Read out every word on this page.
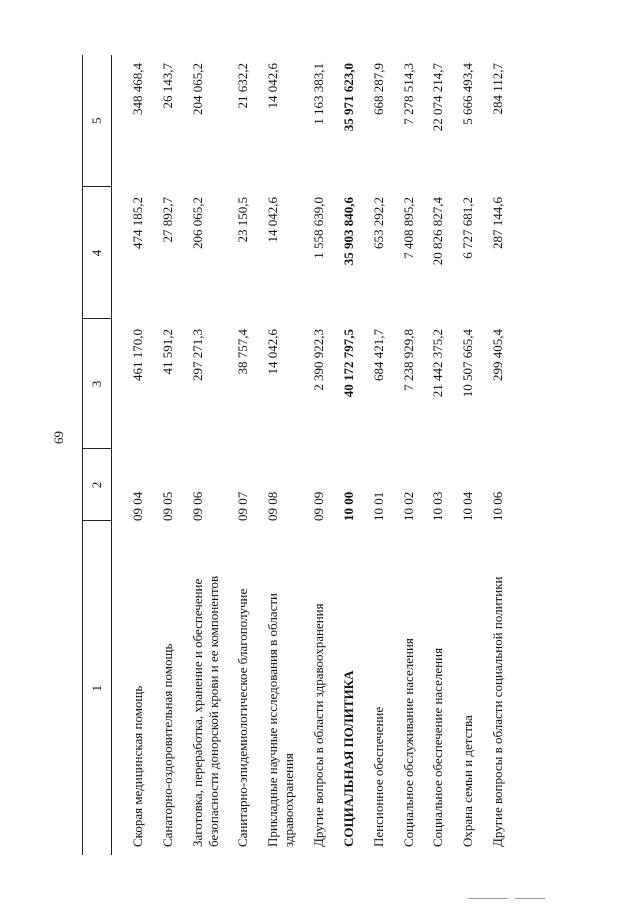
69
1	2	3	4	5
Скорая медицинская помощь	09 04	461 170,0	474 185,2	348 468,4
Санаторно-оздоровительная помощь	09 05	41 591,2	27 892,7	26 143,7
Заготовка, переработка, хранение и обеспечение безопасности донорской крови и ее компонентов	09 06	297 271,3	206 065,2	204 065,2
Санитарно-эпидемиологическое благополучие	09 07	38 757,4	23 150,5	21 632,2
Прикладные научные исследования в области здравоохранения	09 08	14 042,6	14 042,6	14 042,6
Другие вопросы в области здравоохранения	09 09	2 390 922,3	1 558 639,0	1 163 383,1
СОЦИАЛЬНАЯ ПОЛИТИКА	10 00	40 172 797,5	35 903 840,6	35 971 623,0
Пенсионное обеспечение	10 01	684 421,7	653 292,2	668 287,9
Социальное обслуживание населения	10 02	7 238 929,8	7 408 895,2	7 278 514,3
Социальное обеспечение населения	10 03	21 442 375,2	20 826 827,4	22 074 214,7
Охрана семьи и детства	10 04	10 507 665,4	6 727 681,2	5 666 493,4
Другие вопросы в области социальной политики	10 06	299 405,4	287 144,6	284 112,7
